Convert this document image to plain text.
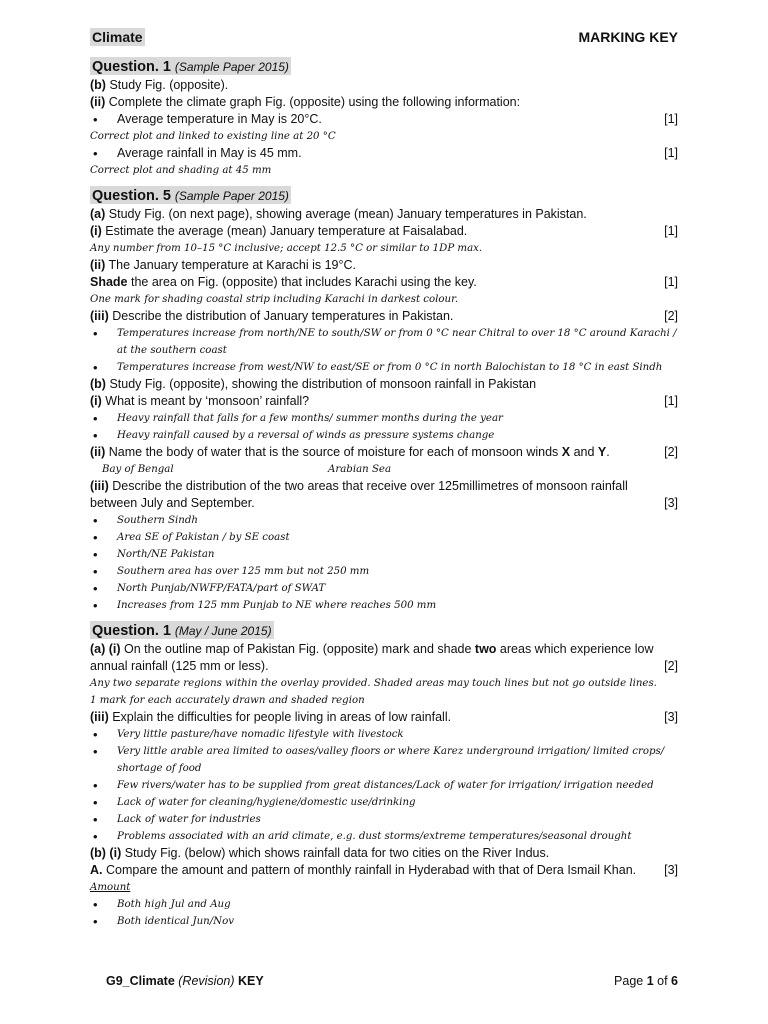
Climate	MARKING KEY
Question. 1 (Sample Paper 2015)
(b) Study Fig. (opposite).
(ii) Complete the climate graph Fig. (opposite) using the following information:
• Average temperature in May is 20°C.	[1]
Correct plot and linked to existing line at 20 °C
• Average rainfall in May is 45 mm.	[1]
Correct plot and shading at 45 mm
Question. 5 (Sample Paper 2015)
(a) Study Fig. (on next page), showing average (mean) January temperatures in Pakistan.
(i) Estimate the average (mean) January temperature at Faisalabad.	[1]
Any number from 10–15 °C inclusive; accept 12.5 °C or similar to 1DP max.
(ii) The January temperature at Karachi is 19°C.
Shade the area on Fig. (opposite) that includes Karachi using the key.	[1]
One mark for shading coastal strip including Karachi in darkest colour.
(iii) Describe the distribution of January temperatures in Pakistan.	[2]
• Temperatures increase from north/NE to south/SW or from 0 °C near Chitral to over 18 °C around Karachi / at the southern coast
• Temperatures increase from west/NW to east/SE or from 0 °C in north Balochistan to 18 °C in east Sindh
(b) Study Fig. (opposite), showing the distribution of monsoon rainfall in Pakistan
(i) What is meant by ‘monsoon’ rainfall?	[1]
• Heavy rainfall that falls for a few months/ summer months during the year
• Heavy rainfall caused by a reversal of winds as pressure systems change
(ii) Name the body of water that is the source of moisture for each of monsoon winds X and Y.	[2]
Bay of Bengal	Arabian Sea
(iii) Describe the distribution of the two areas that receive over 125millimetres of monsoon rainfall between July and September.	[3]
• Southern Sindh
• Area SE of Pakistan / by SE coast
• North/NE Pakistan
• Southern area has over 125 mm but not 250 mm
• North Punjab/NWFP/FATA/part of SWAT
• Increases from 125 mm Punjab to NE where reaches 500 mm
Question. 1 (May / June 2015)
(a) (i) On the outline map of Pakistan Fig. (opposite) mark and shade two areas which experience low
annual rainfall (125 mm or less).	[2]
Any two separate regions within the overlay provided. Shaded areas may touch lines but not go outside lines.
1 mark for each accurately drawn and shaded region
(iii) Explain the difficulties for people living in areas of low rainfall.	[3]
• Very little pasture/have nomadic lifestyle with livestock
• Very little arable area limited to oases/valley floors or where Karez underground irrigation/ limited crops/ shortage of food
• Few rivers/water has to be supplied from great distances/Lack of water for irrigation/ irrigation needed
• Lack of water for cleaning/hygiene/domestic use/drinking
• Lack of water for industries
• Problems associated with an arid climate, e.g. dust storms/extreme temperatures/seasonal drought
(b) (i) Study Fig. (below) which shows rainfall data for two cities on the River Indus.
A. Compare the amount and pattern of monthly rainfall in Hyderabad with that of Dera Ismail Khan.	[3]
Amount
• Both high Jul and Aug
• Both identical Jun/Nov
G9_Climate (Revision) KEY	Page 1 of 6
